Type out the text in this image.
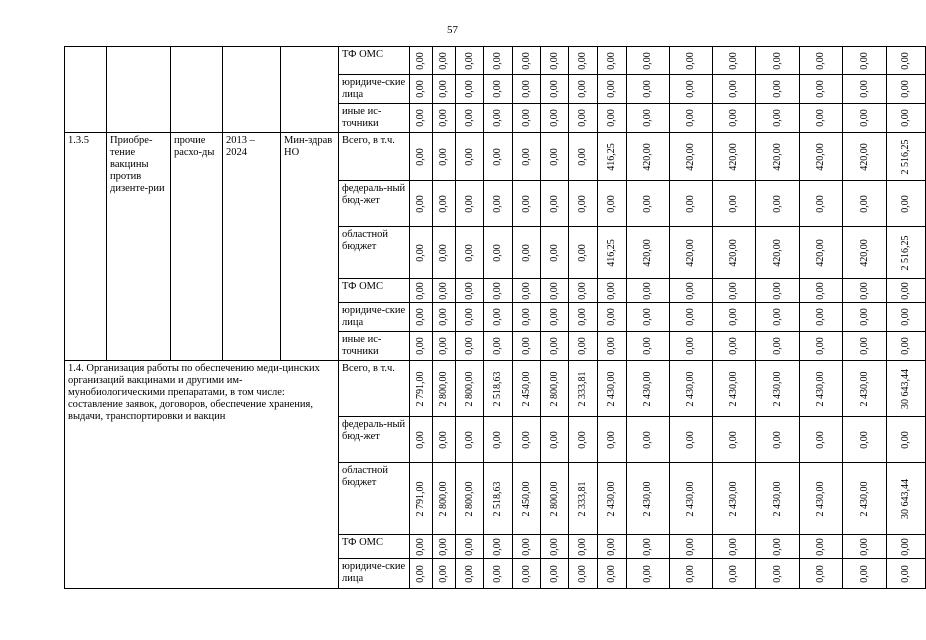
57
					ТФ ОМС	0,00	0,00	0,00	0,00	0,00	0,00	0,00	0,00	0,00	0,00	0,00	0,00	0,00	0,00	0,00

					юридиче-ские лица	0,00	0,00	0,00	0,00	0,00	0,00	0,00	0,00	0,00	0,00	0,00	0,00	0,00	0,00	0,00

					иные ис-точники	0,00	0,00	0,00	0,00	0,00	0,00	0,00	0,00	0,00	0,00	0,00	0,00	0,00	0,00	0,00

1.3.5	Приобре-тение вакцины против дизенте-рии	прочие расхо-ды	2013 – 2024	Мин-здрав НО	Всего, в т.ч.	0,00	0,00	0,00	0,00	0,00	0,00	0,00	416,25	420,00	420,00	420,00	420,00	420,00	420,00	2 516,25

					федераль-ный бюд-жет	0,00	0,00	0,00	0,00	0,00	0,00	0,00	0,00	0,00	0,00	0,00	0,00	0,00	0,00	0,00

					областной бюджет	0,00	0,00	0,00	0,00	0,00	0,00	0,00	416,25	420,00	420,00	420,00	420,00	420,00	420,00	2 516,25

					ТФ ОМС	0,00	0,00	0,00	0,00	0,00	0,00	0,00	0,00	0,00	0,00	0,00	0,00	0,00	0,00	0,00

					юридиче-ские лица	0,00	0,00	0,00	0,00	0,00	0,00	0,00	0,00	0,00	0,00	0,00	0,00	0,00	0,00	0,00

					иные ис-точники	0,00	0,00	0,00	0,00	0,00	0,00	0,00	0,00	0,00	0,00	0,00	0,00	0,00	0,00	0,00

1.4. Организация работы по обеспечению меди-цинских организаций вакцинами и другими им-мунобиологическими препаратами, в том числе: составление заявок, договоров, обеспечение хранения, выдачи, транспортировки и вакцин					Всего, в т.ч.	2 791,00	2 800,00	2 800,00	2 518,63	2 450,00	2 800,00	2 333,81	2 430,00	2 430,00	2 430,00	2 430,00	2 430,00	2 430,00	2 430,00	30 643,44

					федераль-ный бюд-жет	0,00	0,00	0,00	0,00	0,00	0,00	0,00	0,00	0,00	0,00	0,00	0,00	0,00	0,00	0,00

					областной бюджет	2 791,00	2 800,00	2 800,00	2 518,63	2 450,00	2 800,00	2 333,81	2 430,00	2 430,00	2 430,00	2 430,00	2 430,00	2 430,00	2 430,00	30 643,44

					ТФ ОМС	0,00	0,00	0,00	0,00	0,00	0,00	0,00	0,00	0,00	0,00	0,00	0,00	0,00	0,00	0,00

					юридиче-ские лица	0,00	0,00	0,00	0,00	0,00	0,00	0,00	0,00	0,00	0,00	0,00	0,00	0,00	0,00	0,00
